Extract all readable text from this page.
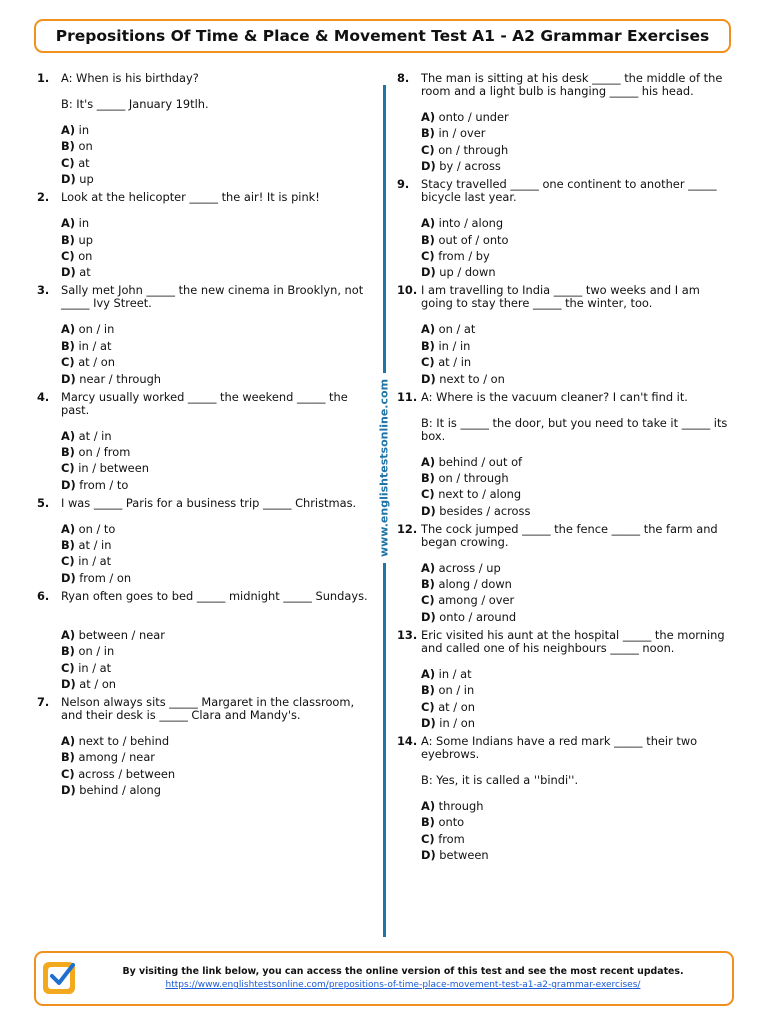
Prepositions Of Time & Place & Movement Test A1 - A2 Grammar Exercises
1. A: When is his birthday?

B: It's _____ January 19tlh.

A) in
B) on
C) at
D) up
2. Look at the helicopter _____ the air! It is pink!

A) in
B) up
C) on
D) at
3. Sally met John _____ the new cinema in Brooklyn, not _____ Ivy Street.

A) on / in
B) in / at
C) at / on
D) near / through
4. Marcy usually worked _____ the weekend _____ the past.

A) at / in
B) on / from
C) in / between
D) from / to
5. I was _____ Paris for a business trip _____ Christmas.

A) on / to
B) at / in
C) in / at
D) from / on
6. Ryan often goes to bed _____ midnight _____ Sundays.

A) between / near
B) on / in
C) in / at
D) at / on
7. Nelson always sits _____ Margaret in the classroom, and their desk is _____ Clara and Mandy's.

A) next to / behind
B) among / near
C) across / between
D) behind / along
www.englishtestsonline.com
8. The man is sitting at his desk _____ the middle of the room and a light bulb is hanging _____ his head.

A) onto / under
B) in / over
C) on / through
D) by / across
9. Stacy travelled _____ one continent to another _____ bicycle last year.

A) into / along
B) out of / onto
C) from / by
D) up / down
10. I am travelling to India _____ two weeks and I am going to stay there _____ the winter, too.

A) on / at
B) in / in
C) at / in
D) next to / on
11. A: Where is the vacuum cleaner? I can't find it.

B: It is _____ the door, but you need to take it _____ its box.

A) behind / out of
B) on / through
C) next to / along
D) besides / across
12. The cock jumped _____ the fence _____ the farm and began crowing.

A) across / up
B) along / down
C) among / over
D) onto / around
13. Eric visited his aunt at the hospital _____ the morning and called one of his neighbours _____ noon.

A) in / at
B) on / in
C) at / on
D) in / on
14. A: Some Indians have a red mark _____ their two eyebrows.

B: Yes, it is called a ''bindi''.

A) through
B) onto
C) from
D) between
By visiting the link below, you can access the online version of this test and see the most recent updates.
https://www.englishtestsonline.com/prepositions-of-time-place-movement-test-a1-a2-grammar-exercises/
